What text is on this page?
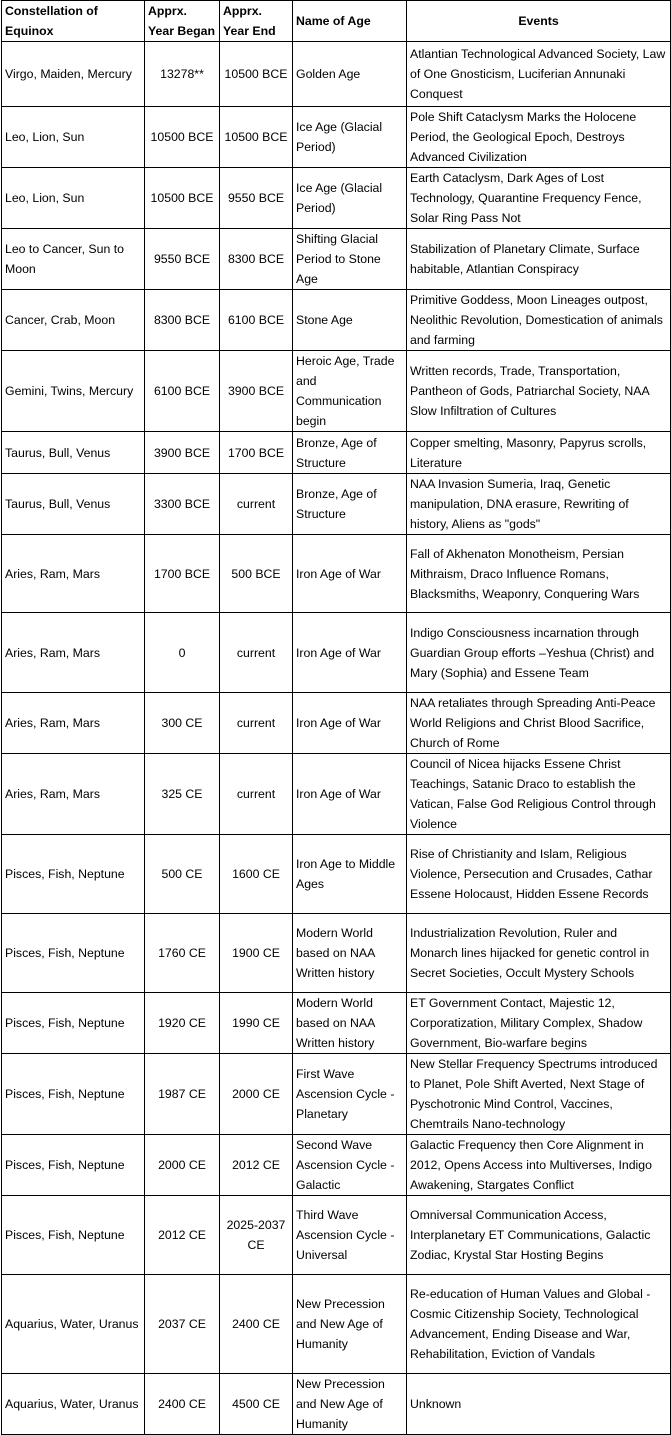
Constellation of Equinox	Apprx. Year Began	Apprx. Year End	Name of Age	Events
Virgo, Maiden, Mercury	13278**	10500 BCE	Golden Age	Atlantian Technological Advanced Society, Law of One Gnosticism, Luciferian Annunaki Conquest
Leo, Lion, Sun	10500 BCE	10500 BCE	Ice Age (Glacial Period)	Pole Shift Cataclysm Marks the Holocene Period, the Geological Epoch, Destroys Advanced Civilization
Leo, Lion, Sun	10500 BCE	9550 BCE	Ice Age (Glacial Period)	Earth Cataclysm, Dark Ages of Lost Technology, Quarantine Frequency Fence, Solar Ring Pass Not
Leo to Cancer, Sun to Moon	9550 BCE	8300 BCE	Shifting Glacial Period to Stone Age	Stabilization of Planetary Climate, Surface habitable, Atlantian Conspiracy
Cancer, Crab, Moon	8300 BCE	6100 BCE	Stone Age	Primitive Goddess, Moon Lineages outpost, Neolithic Revolution, Domestication of animals and farming
Gemini, Twins, Mercury	6100 BCE	3900 BCE	Heroic Age, Trade and Communication begin	Written records, Trade, Transportation, Pantheon of Gods, Patriarchal Society, NAA Slow Infiltration of Cultures
Taurus, Bull, Venus	3900 BCE	1700 BCE	Bronze, Age of Structure	Copper smelting, Masonry, Papyrus scrolls, Literature
Taurus, Bull, Venus	3300 BCE	current	Bronze, Age of Structure	NAA Invasion Sumeria, Iraq, Genetic manipulation, DNA erasure, Rewriting of history, Aliens as "gods"
Aries, Ram, Mars	1700 BCE	500 BCE	Iron Age of War	Fall of Akhenaton Monotheism, Persian Mithraism, Draco Influence Romans, Blacksmiths, Weaponry, Conquering Wars
Aries, Ram, Mars	0	current	Iron Age of War	Indigo Consciousness incarnation through Guardian Group efforts –Yeshua (Christ) and Mary (Sophia) and Essene Team
Aries, Ram, Mars	300 CE	current	Iron Age of War	NAA retaliates through Spreading Anti-Peace World Religions and Christ Blood Sacrifice, Church of Rome
Aries, Ram, Mars	325 CE	current	Iron Age of War	Council of Nicea hijacks Essene Christ Teachings, Satanic Draco to establish the Vatican, False God Religious Control through Violence
Pisces, Fish, Neptune	500 CE	1600 CE	Iron Age to Middle Ages	Rise of Christianity and Islam, Religious Violence, Persecution and Crusades, Cathar Essene Holocaust, Hidden Essene Records
Pisces, Fish, Neptune	1760 CE	1900 CE	Modern World based on NAA Written history	Industrialization Revolution, Ruler and Monarch lines hijacked for genetic control in Secret Societies, Occult Mystery Schools
Pisces, Fish, Neptune	1920 CE	1990 CE	Modern World based on NAA Written history	ET Government Contact, Majestic 12, Corporatization, Military Complex, Shadow Government, Bio-warfare begins
Pisces, Fish, Neptune	1987 CE	2000 CE	First Wave Ascension Cycle - Planetary	New Stellar Frequency Spectrums introduced to Planet, Pole Shift Averted, Next Stage of Pyschotronic Mind Control, Vaccines, Chemtrails Nano-technology
Pisces, Fish, Neptune	2000 CE	2012 CE	Second Wave Ascension Cycle - Galactic	Galactic Frequency then Core Alignment in 2012, Opens Access into Multiverses, Indigo Awakening, Stargates Conflict
Pisces, Fish, Neptune	2012 CE	2025-2037 CE	Third Wave Ascension Cycle - Universal	Omniversal Communication Access, Interplanetary ET Communications, Galactic Zodiac, Krystal Star Hosting Begins
Aquarius, Water, Uranus	2037 CE	2400 CE	New Precession and New Age of Humanity	Re-education of Human Values and Global - Cosmic Citizenship Society, Technological Advancement, Ending Disease and War, Rehabilitation, Eviction of Vandals
Aquarius, Water, Uranus	2400 CE	4500 CE	New Precession and New Age of Humanity	Unknown
